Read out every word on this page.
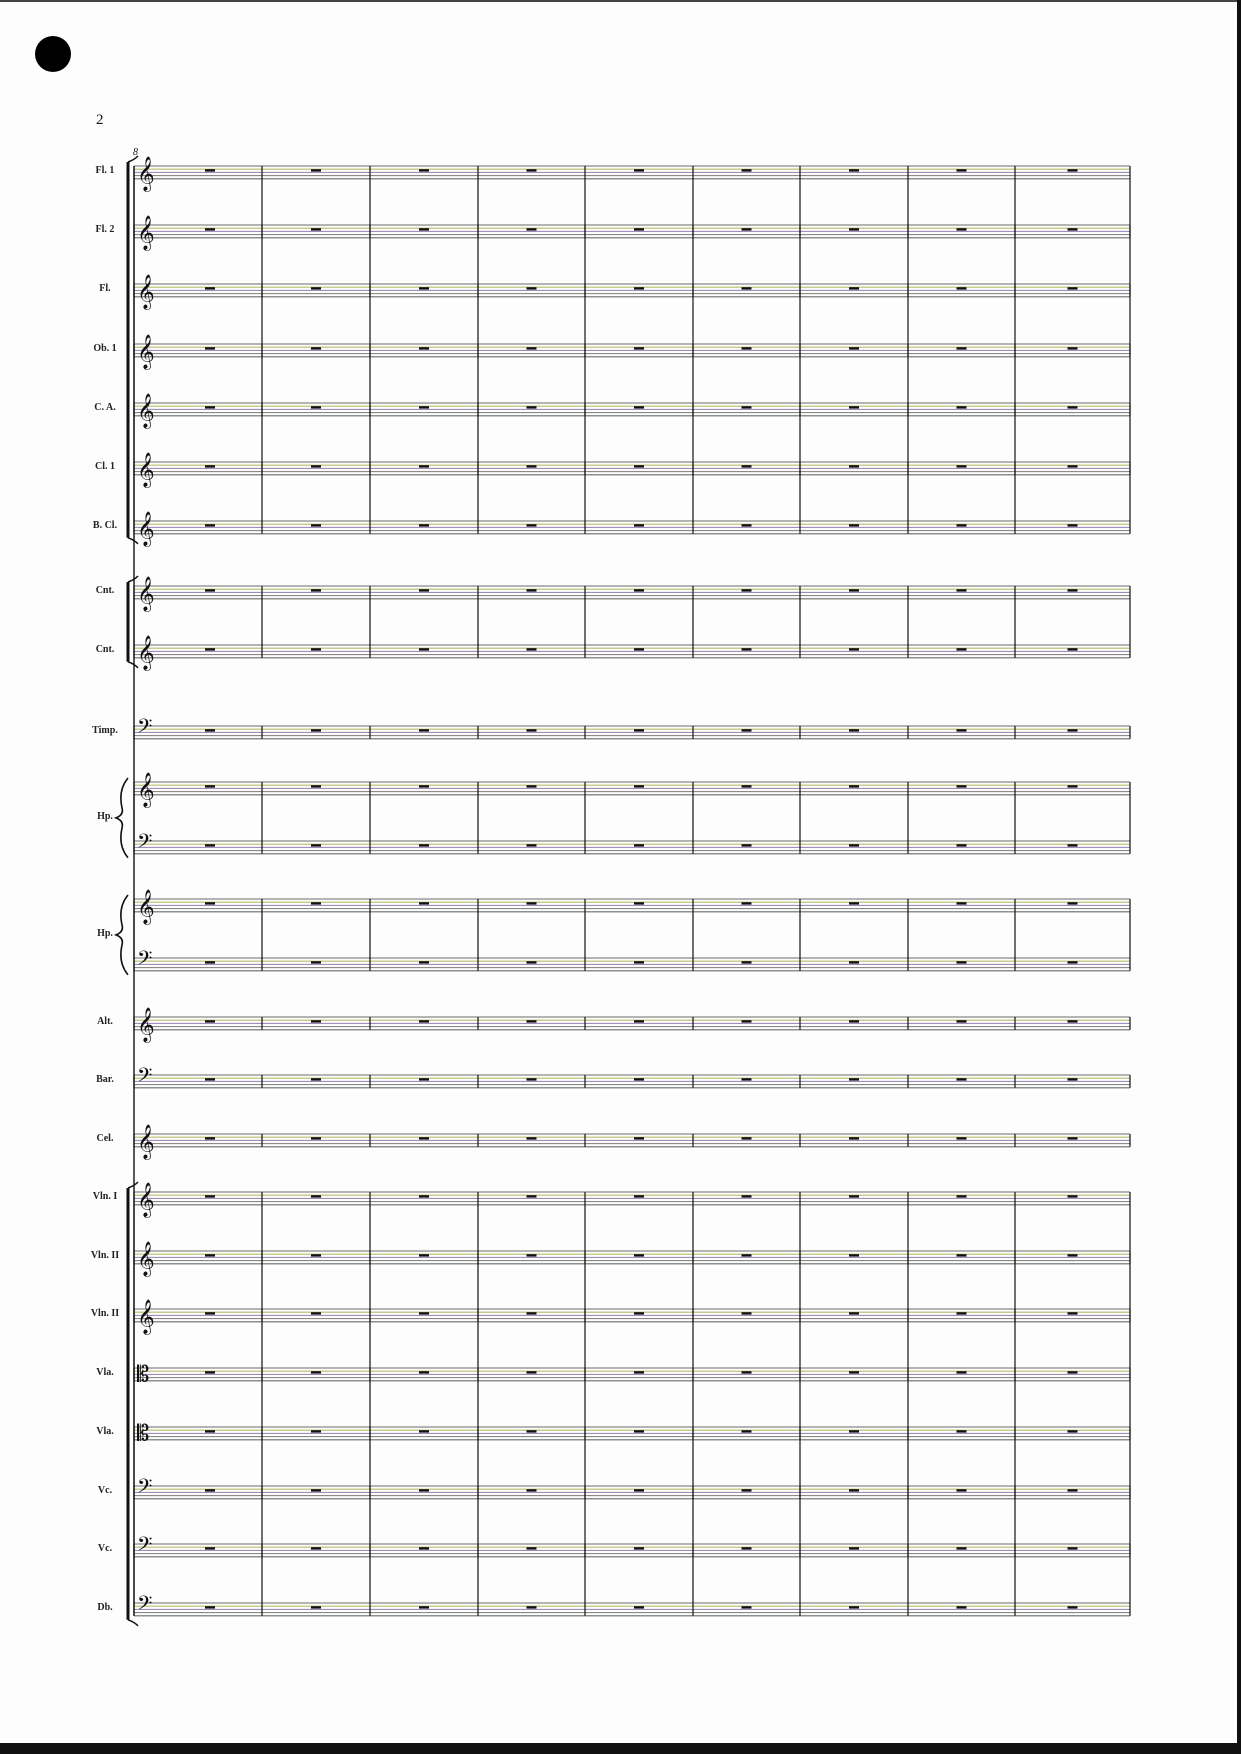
2
8
Fl. 1
Fl. 2
Fl.
Ob. 1
C. A.
Cl. 1
B. Cl.
Cnt.
Cnt.
Timp.
Hp.
Hp.
Alt.
Bar.
Cel.
Vln. I
Vln. II
Vln. II
Vla.
Vla.
Vc.
Vc.
Db.
𝄞
𝄞
𝄞
𝄞
𝄞
𝄞
𝄞
𝄞
𝄞
𝄢
𝄞
𝄢
𝄞
𝄢
𝄞
𝄢
𝄞
𝄞
𝄞
𝄞
𝄡
𝄡
𝄢
𝄢
𝄢
